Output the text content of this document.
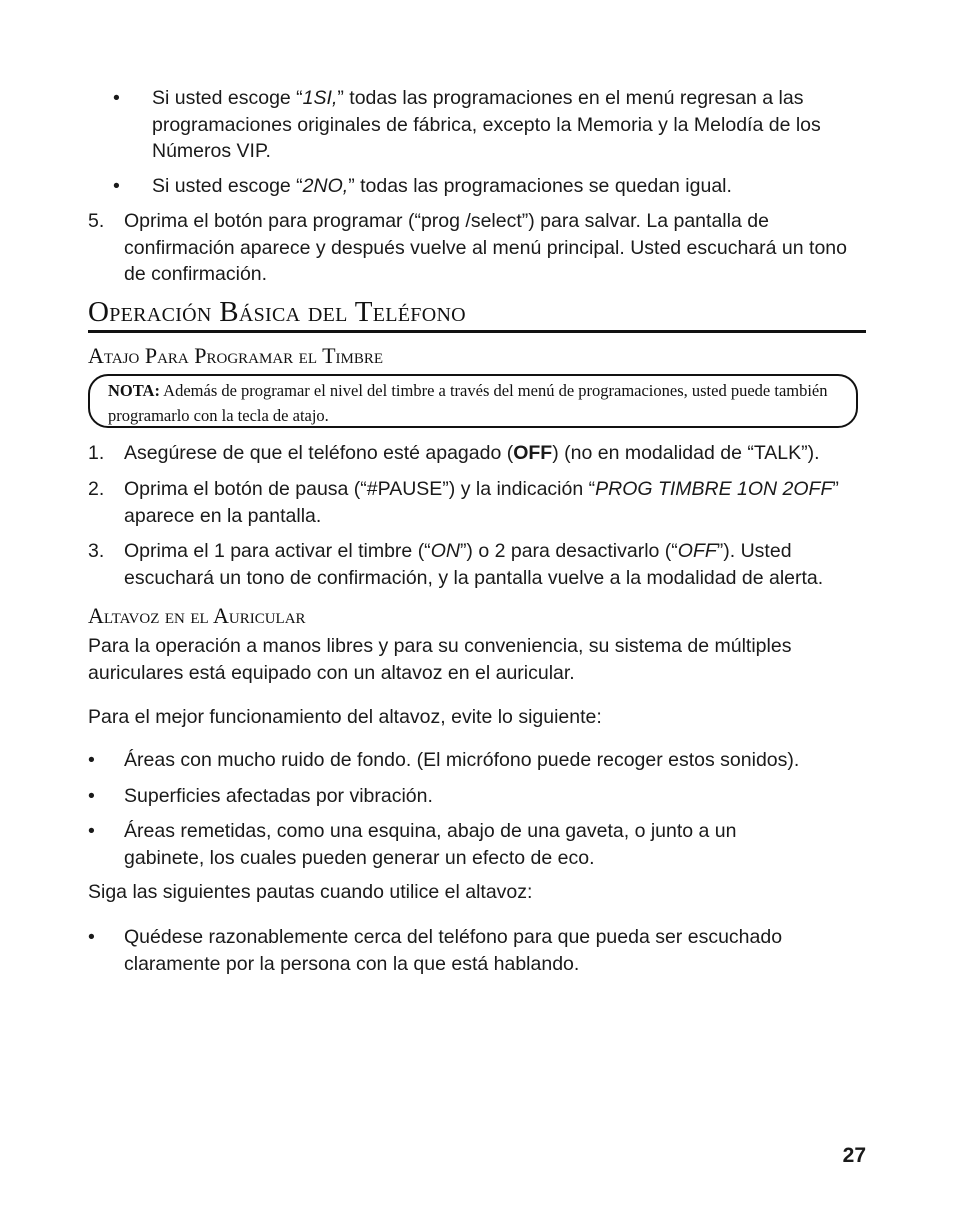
•	Si usted escoge “1SI,” todas las programaciones en el menú regresan a las programaciones originales de fábrica, excepto la Memoria y la Melodía de los Números VIP.
•	Si usted escoge “2NO,” todas las programaciones se quedan igual.
5.	Oprima el botón para programar (“prog /select”) para salvar. La pantalla de confirmación aparece y después vuelve al menú principal. Usted escuchará un tono de confirmación.
Operación Básica del Teléfono
Atajo Para Programar el Timbre

NOTA: Además de programar el nivel del timbre a través del menú de programaciones, usted puede también programarlo con la tecla de atajo.

1.	Asegúrese de que el teléfono esté apagado (OFF) (no en modalidad de “TALK”).
2.	Oprima el botón de pausa (“#PAUSE”) y la indicación “PROG TIMBRE 1ON 2OFF” aparece en la pantalla.
3.	Oprima el 1 para activar el timbre (“ON”) o 2 para desactivarlo (“OFF”). Usted escuchará un tono de confirmación, y la pantalla vuelve a la modalidad de alerta.
Altavoz en el Auricular

Para la operación a manos libres y para su conveniencia, su sistema de múltiples auriculares está equipado con un altavoz en el auricular.

Para el mejor funcionamiento del altavoz, evite lo siguiente:

•	Áreas con mucho ruido de fondo. (El micrófono puede recoger estos sonidos).
•	Superficies afectadas por vibración.
•	Áreas remetidas, como una esquina, abajo de una gaveta, o junto a un gabinete, los cuales pueden generar un efecto de eco.

Siga las siguientes pautas cuando utilice el altavoz:

•	Quédese razonablemente cerca del teléfono para que pueda ser escuchado claramente por la persona con la que está hablando.
27
